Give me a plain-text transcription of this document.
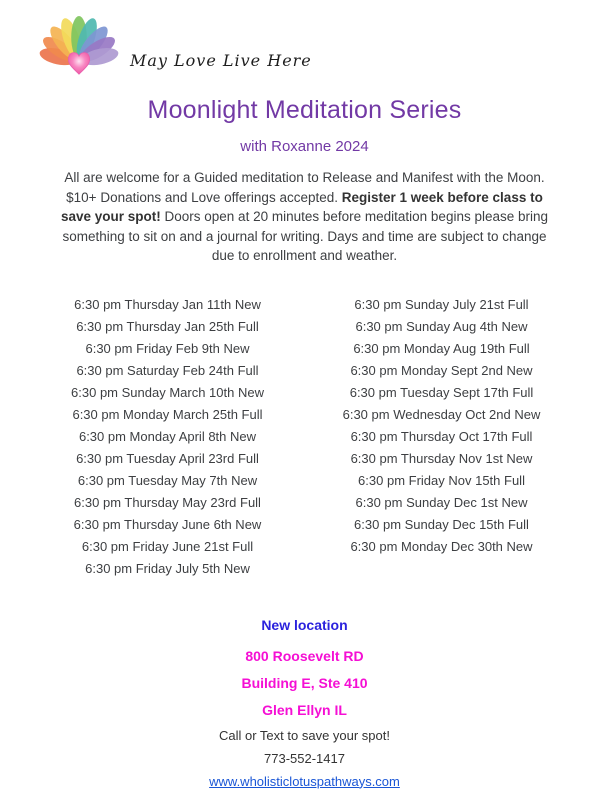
May Love Live Here
Moonlight Meditation Series
with Roxanne 2024

All are welcome for a Guided meditation to Release and Manifest with the Moon. $10+ Donations and Love offerings accepted. Register 1 week before class to save your spot! Doors open at 20 minutes before meditation begins please bring something to sit on and a journal for writing. Days and time are subject to change due to enrollment and weather.

6:30 pm Thursday Jan 11th New
6:30 pm Thursday Jan 25th Full
6:30 pm Friday Feb 9th New
6:30 pm Saturday Feb 24th Full
6:30 pm Sunday March 10th New
6:30 pm Monday March 25th Full
6:30 pm Monday April 8th New
6:30 pm Tuesday April 23rd Full
6:30 pm Tuesday May 7th New
6:30 pm Thursday May 23rd Full
6:30 pm Thursday June 6th New
6:30 pm Friday June 21st Full
6:30 pm Friday July 5th New
6:30 pm Sunday July 21st Full
6:30 pm Sunday Aug 4th New
6:30 pm Monday Aug 19th Full
6:30 pm Monday Sept 2nd New
6:30 pm Tuesday Sept 17th Full
6:30 pm Wednesday Oct 2nd New
6:30 pm Thursday Oct 17th Full
6:30 pm Thursday Nov 1st New
6:30 pm Friday Nov 15th Full
6:30 pm Sunday Dec 1st New
6:30 pm Sunday Dec 15th Full
6:30 pm Monday Dec 30th New
New location
800 Roosevelt RD
Building E, Ste 410
Glen Ellyn IL
Call or Text to save your spot!
773-552-1417
www.wholisticlotuspathways.com
